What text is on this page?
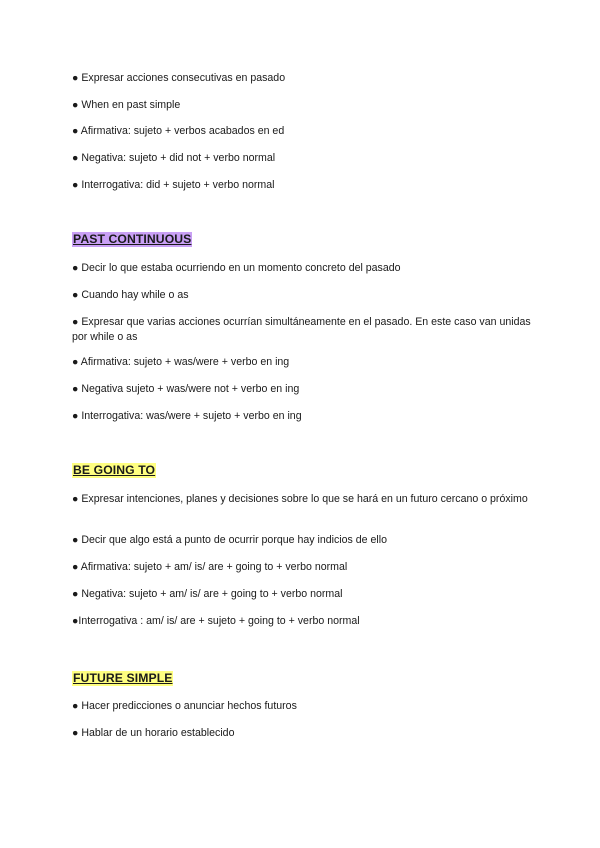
● Expresar acciones consecutivas en pasado
● When en past simple
● Afirmativa: sujeto + verbos acabados en ed
● Negativa: sujeto + did not + verbo normal
● Interrogativa: did + sujeto + verbo normal
PAST CONTINUOUS
● Decir lo que estaba ocurriendo en un momento concreto del pasado
● Cuando hay while o as
● Expresar que varias acciones ocurrían simultáneamente en el pasado. En este caso van unidas por while o as
● Afirmativa: sujeto + was/were + verbo en ing
● Negativa sujeto + was/were not + verbo en ing
● Interrogativa: was/were + sujeto + verbo en ing
BE GOING TO
● Expresar intenciones, planes y decisiones sobre lo que se hará en un futuro cercano o próximo
● Decir que algo está a punto de ocurrir porque hay indicios de ello
● Afirmativa: sujeto + am/ is/ are + going to + verbo normal
● Negativa: sujeto + am/ is/ are + going to + verbo normal
●Interrogativa : am/ is/ are + sujeto + going to + verbo normal
FUTURE SIMPLE
● Hacer predicciones o anunciar hechos futuros
● Hablar de un horario establecido
